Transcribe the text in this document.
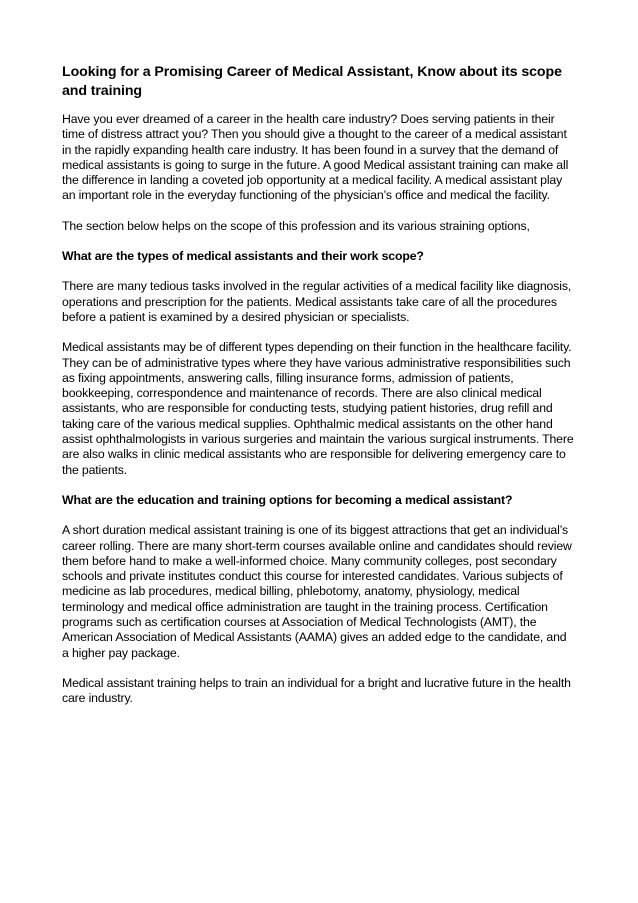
Looking for a Promising Career of Medical Assistant, Know about its scope and training

Have you ever dreamed of a career in the health care industry? Does serving patients in their time of distress attract you? Then you should give a thought to the career of a medical assistant in the rapidly expanding health care industry. It has been found in a survey that the demand of medical assistants is going to surge in the future. A good Medical assistant training can make all the difference in landing a coveted job opportunity at a medical facility. A medical assistant play an important role in the everyday functioning of the physician’s office and medical the facility.

The section below helps on the scope of this profession and its various straining options,

What are the types of medical assistants and their work scope?

There are many tedious tasks involved in the regular activities of a medical facility like diagnosis, operations and prescription for the patients. Medical assistants take care of all the procedures before a patient is examined by a desired physician or specialists.

Medical assistants may be of different types depending on their function in the healthcare facility. They can be of administrative types where they have various administrative responsibilities such as fixing appointments, answering calls, filling insurance forms, admission of patients, bookkeeping, correspondence and maintenance of records. There are also clinical medical assistants, who are responsible for conducting tests, studying patient histories, drug refill and taking care of the various medical supplies. Ophthalmic medical assistants on the other hand assist ophthalmologists in various surgeries and maintain the various surgical instruments. There are also walks in clinic medical assistants who are responsible for delivering emergency care to the patients.

What are the education and training options for becoming a medical assistant?

A short duration medical assistant training is one of its biggest attractions that get an individual’s career rolling. There are many short-term courses available online and candidates should review them before hand to make a well-informed choice. Many community colleges, post secondary schools and private institutes conduct this course for interested candidates. Various subjects of medicine as lab procedures, medical billing, phlebotomy, anatomy, physiology, medical terminology and medical office administration are taught in the training process. Certification programs such as certification courses at Association of Medical Technologists (AMT), the American Association of Medical Assistants (AAMA) gives an added edge to the candidate, and a higher pay package.

Medical assistant training helps to train an individual for a bright and lucrative future in the health care industry.
